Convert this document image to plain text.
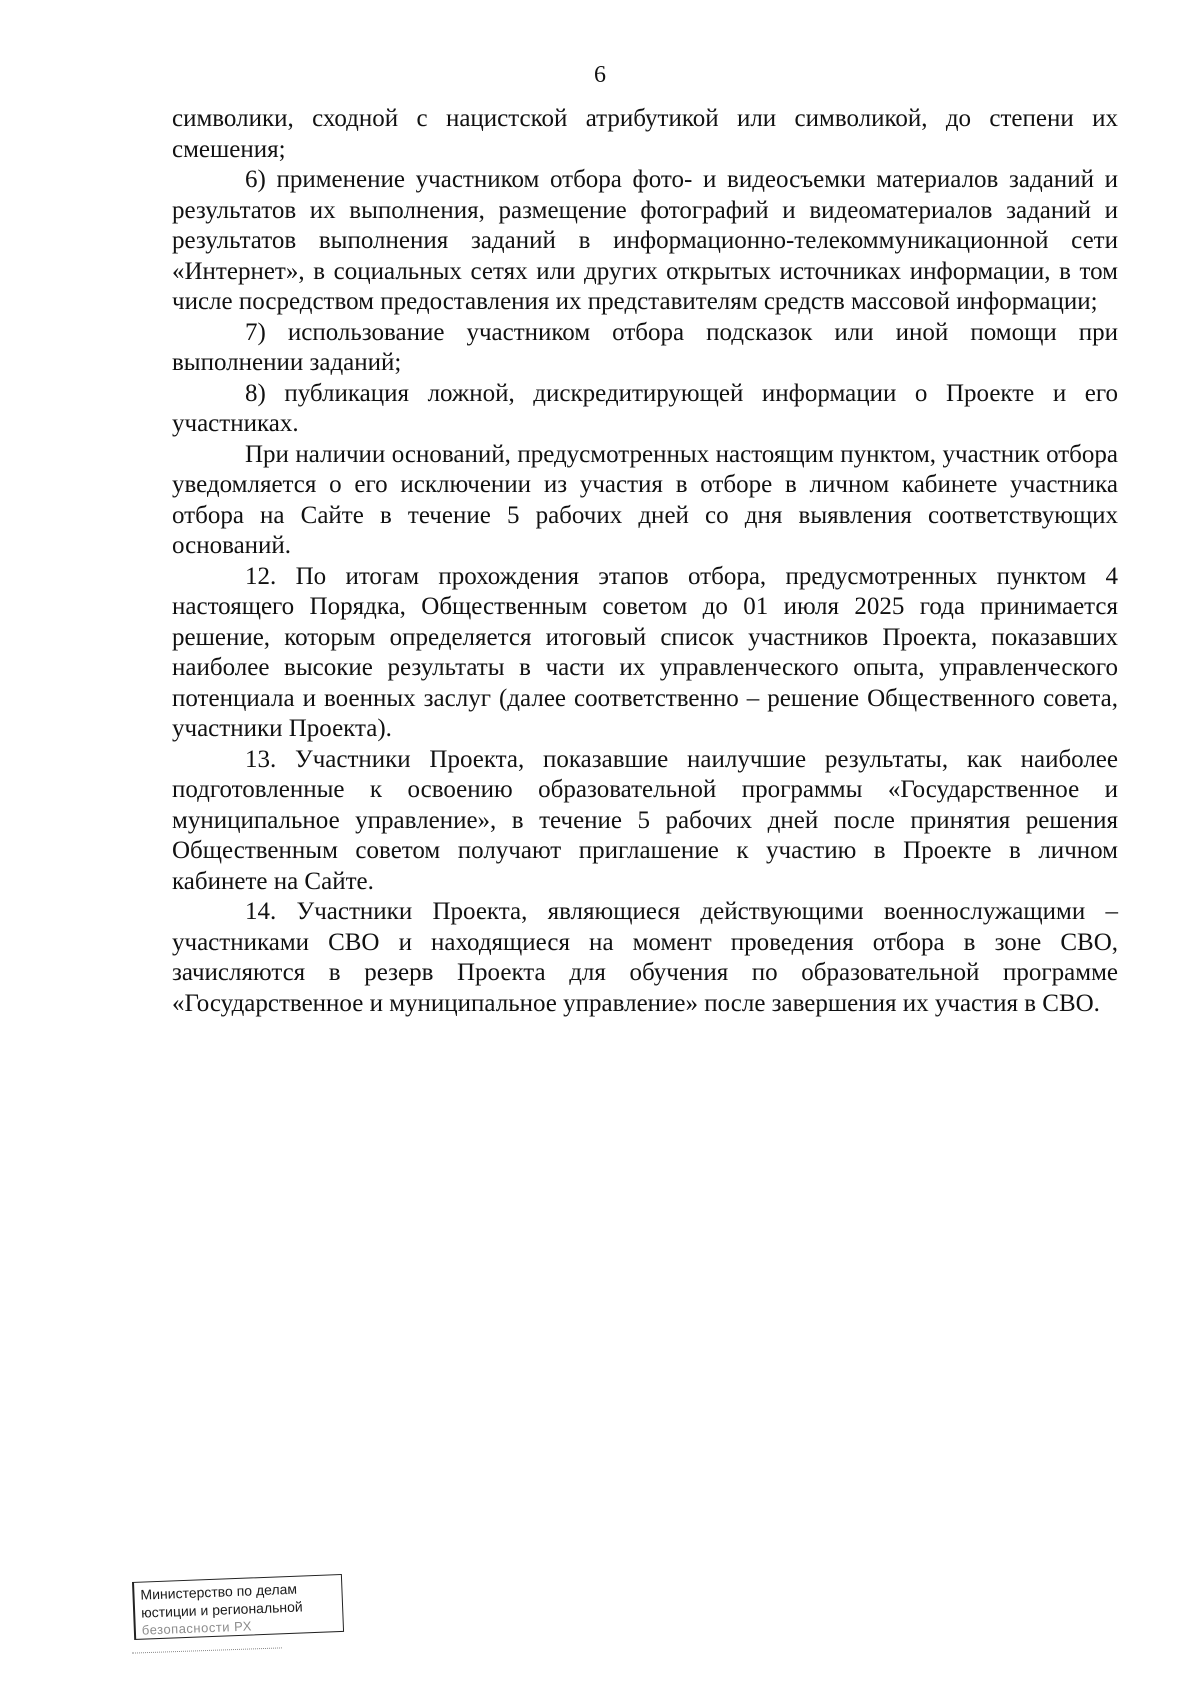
6

символики, сходной с нацистской атрибутикой или символикой, до степени их смешения;

6) применение участником отбора фото- и видеосъемки материалов заданий и результатов их выполнения, размещение фотографий и видеоматериалов заданий и результатов выполнения заданий в информационно-телекоммуникационной сети «Интернет», в социальных сетях или других открытых источниках информации, в том числе посредством предоставления их представителям средств массовой информации;

7) использование участником отбора подсказок или иной помощи при выполнении заданий;

8) публикация ложной, дискредитирующей информации о Проекте и его участниках.

При наличии оснований, предусмотренных настоящим пунктом, участник отбора уведомляется о его исключении из участия в отборе в личном кабинете участника отбора на Сайте в течение 5 рабочих дней со дня выявления соответствующих оснований.

12. По итогам прохождения этапов отбора, предусмотренных пунктом 4 настоящего Порядка, Общественным советом до 01 июля 2025 года принимается решение, которым определяется итоговый список участников Проекта, показавших наиболее высокие результаты в части их управленческого опыта, управленческого потенциала и военных заслуг (далее соответственно – решение Общественного совета, участники Проекта).

13. Участники Проекта, показавшие наилучшие результаты, как наиболее подготовленные к освоению образовательной программы «Государственное и муниципальное управление», в течение 5 рабочих дней после принятия решения Общественным советом получают приглашение к участию в Проекте в личном кабинете на Сайте.

14. Участники Проекта, являющиеся действующими военнослужащими – участниками СВО и находящиеся на момент проведения отбора в зоне СВО, зачисляются в резерв Проекта для обучения по образовательной программе «Государственное и муниципальное управление» после завершения их участия в СВО.

Министерство по делам
юстиции и региональной
безопасности РХ
